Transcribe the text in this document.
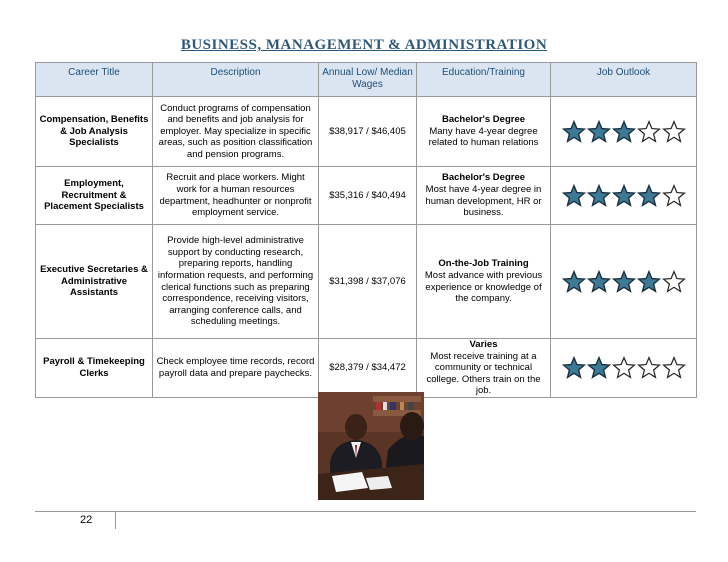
BUSINESS, MANAGEMENT & ADMINISTRATION
Career Title	Description	Annual Low/ Median Wages	Education/Training	Job Outlook
Compensation, Benefits & Job Analysis Specialists	Conduct programs of compensation and benefits and job analysis for employer. May specialize in specific areas, such as position classification and pension programs.	$38,917 / $46,405	Bachelor's Degree
Many have 4-year degree related to human relations	

Employment, Recruitment & Placement Specialists	Recruit and place workers. Might work for a human resources department, headhunter or nonprofit employment service.	$35,316 / $40,494	Bachelor's Degree
Most have 4-year degree in human development, HR or business.	

Executive Secretaries & Administrative Assistants	Provide high-level administrative support by conducting research, preparing reports, handling information requests, and performing clerical functions such as preparing correspondence, receiving visitors, arranging conference calls, and scheduling meetings.	$31,398 / $37,076	On-the-Job Training
Most advance with previous experience or knowledge of the company.	

Payroll & Timekeeping Clerks	Check employee time records, record payroll data and prepare paychecks.	$28,379 / $34,472	Varies
Most receive training at a community or technical college. Others train on the job.	
22
